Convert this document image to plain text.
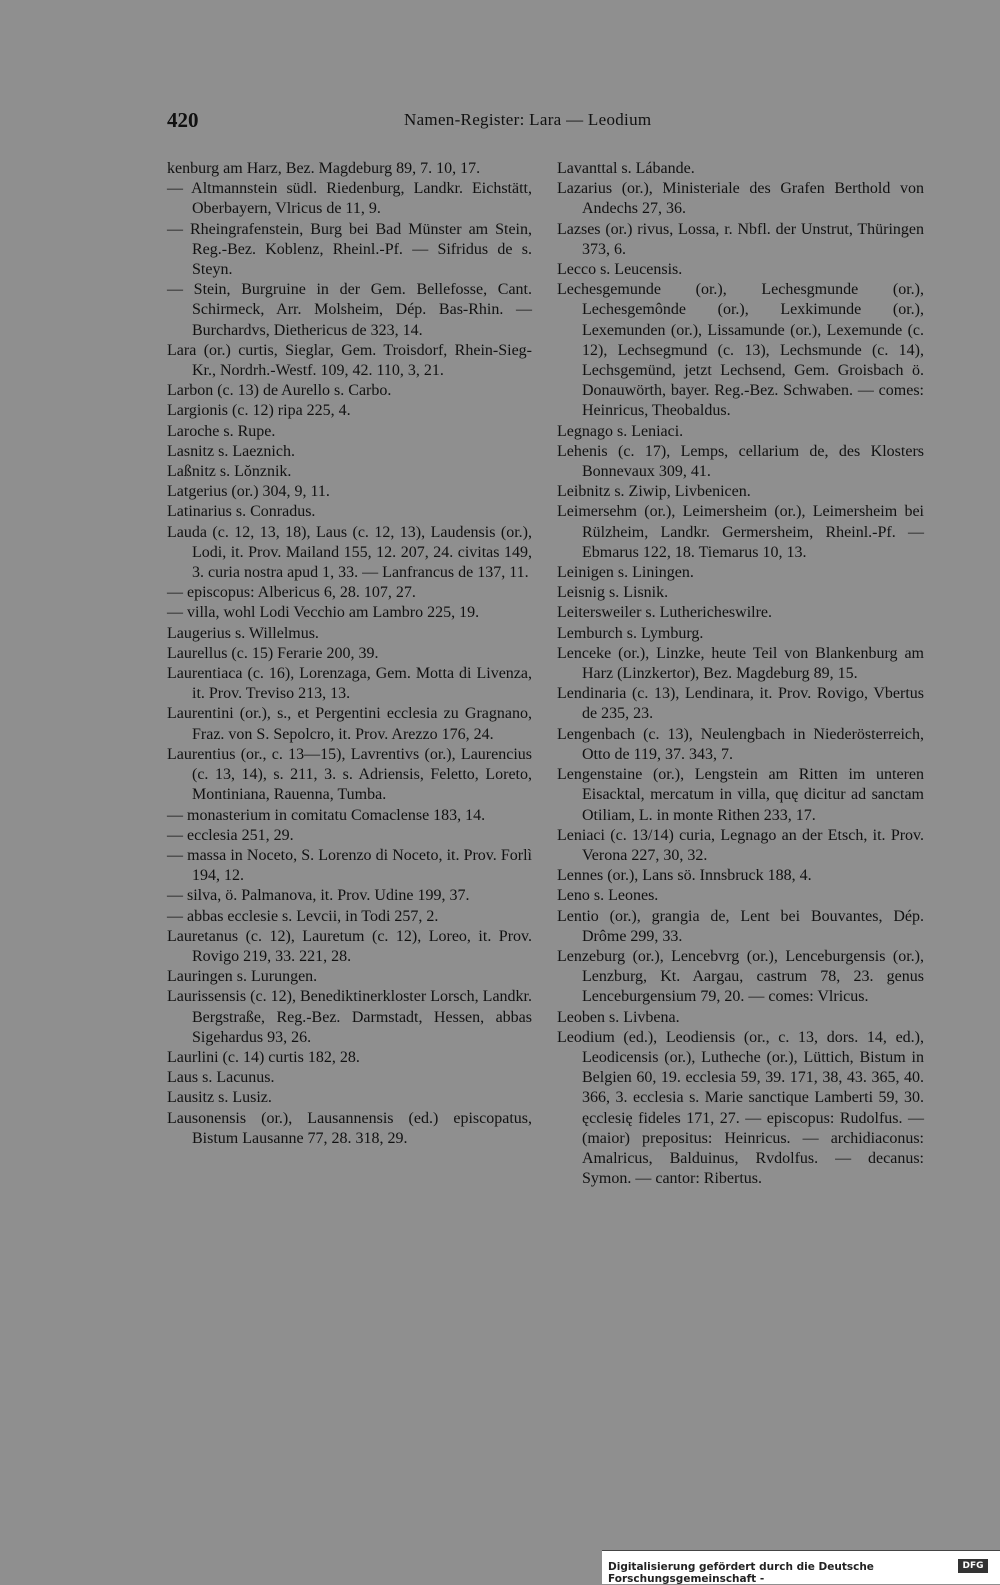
420	Namen-Register: Lara — Leodium

kenburg am Harz, Bez. Magdeburg 89, 7. 10, 17.

— Altmannstein südl. Riedenburg, Landkr. Eichstätt, Oberbayern, Vlricus de 11, 9.

— Rheingrafenstein, Burg bei Bad Münster am Stein, Reg.-Bez. Koblenz, Rheinl.-Pf. — Sifridus de s. Steyn.

— Stein, Burgruine in der Gem. Bellefosse, Cant. Schirmeck, Arr. Molsheim, Dép. Bas-Rhin. — Burchardvs, Diethericus de 323, 14.

Lara (or.) curtis, Sieglar, Gem. Troisdorf, Rhein-Sieg-Kr., Nordrh.-Westf. 109, 42. 110, 3, 21.

Larbon (c. 13) de Aurello s. Carbo.

Largionis (c. 12) ripa 225, 4.

Laroche s. Rupe.

Lasnitz s. Laeznich.

Laßnitz s. Lŏnznik.

Latgerius (or.) 304, 9, 11.

Latinarius s. Conradus.

Lauda (c. 12, 13, 18), Laus (c. 12, 13), Laudensis (or.), Lodi, it. Prov. Mailand 155, 12. 207, 24. civitas 149, 3. curia nostra apud 1, 33. — Lanfrancus de 137, 11.

— episcopus: Albericus 6, 28. 107, 27.

— villa, wohl Lodi Vecchio am Lambro 225, 19.

Laugerius s. Willelmus.

Laurellus (c. 15) Ferarie 200, 39.

Laurentiaca (c. 16), Lorenzaga, Gem. Motta di Livenza, it. Prov. Treviso 213, 13.

Laurentini (or.), s., et Pergentini ecclesia zu Gragnano, Fraz. von S. Sepolcro, it. Prov. Arezzo 176, 24.

Laurentius (or., c. 13—15), Lavrentivs (or.), Laurencius (c. 13, 14), s. 211, 3. s. Adriensis, Feletto, Loreto, Montiniana, Rauenna, Tumba.

— monasterium in comitatu Comaclense 183, 14.

— ecclesia 251, 29.

— massa in Noceto, S. Lorenzo di Noceto, it. Prov. Forlì 194, 12.

— silva, ö. Palmanova, it. Prov. Udine 199, 37.

— abbas ecclesie s. Levcii, in Todi 257, 2.

Lauretanus (c. 12), Lauretum (c. 12), Loreo, it. Prov. Rovigo 219, 33. 221, 28.

Lauringen s. Lurungen.

Laurissensis (c. 12), Benediktinerkloster Lorsch, Landkr. Bergstraße, Reg.-Bez. Darmstadt, Hessen, abbas Sigehardus 93, 26.

Laurlini (c. 14) curtis 182, 28.

Laus s. Lacunus.

Lausitz s. Lusiz.

Lausonensis (or.), Lausannensis (ed.) episcopatus, Bistum Lausanne 77, 28. 318, 29.

Lavanttal s. Lábande.

Lazarius (or.), Ministeriale des Grafen Berthold von Andechs 27, 36.

Lazses (or.) rivus, Lossa, r. Nbfl. der Unstrut, Thüringen 373, 6.

Lecco s. Leucensis.

Lechesgemunde (or.), Lechesgmunde (or.), Lechesgemônde (or.), Lexkimunde (or.), Lexemunden (or.), Lissamunde (or.), Lexemunde (c. 12), Lechsegmund (c. 13), Lechsmunde (c. 14), Lechsgemünd, jetzt Lechsend, Gem. Groisbach ö. Donauwörth, bayer. Reg.-Bez. Schwaben. — comes: Heinricus, Theobaldus.

Legnago s. Leniaci.

Lehenis (c. 17), Lemps, cellarium de, des Klosters Bonnevaux 309, 41.

Leibnitz s. Ziwip, Livbenicen.

Leimersehm (or.), Leimersheim (or.), Leimersheim bei Rülzheim, Landkr. Germersheim, Rheinl.-Pf. — Ebmarus 122, 18. Tiemarus 10, 13.

Leinigen s. Liningen.

Leisnig s. Lisnik.

Leitersweiler s. Luthericheswilre.

Lemburch s. Lymburg.

Lenceke (or.), Linzke, heute Teil von Blankenburg am Harz (Linzkertor), Bez. Magdeburg 89, 15.

Lendinaria (c. 13), Lendinara, it. Prov. Rovigo, Vbertus de 235, 23.

Lengenbach (c. 13), Neulengbach in Niederösterreich, Otto de 119, 37. 343, 7.

Lengenstaine (or.), Lengstein am Ritten im unteren Eisacktal, mercatum in villa, quę dicitur ad sanctam Otiliam, L. in monte Rithen 233, 17.

Leniaci (c. 13/14) curia, Legnago an der Etsch, it. Prov. Verona 227, 30, 32.

Lennes (or.), Lans sö. Innsbruck 188, 4.

Leno s. Leones.

Lentio (or.), grangia de, Lent bei Bouvantes, Dép. Drôme 299, 33.

Lenzeburg (or.), Lencebvrg (or.), Lenceburgensis (or.), Lenzburg, Kt. Aargau, castrum 78, 23. genus Lenceburgensium 79, 20. — comes: Vlricus.

Leoben s. Livbena.

Leodium (ed.), Leodiensis (or., c. 13, dors. 14, ed.), Leodicensis (or.), Lutheche (or.), Lüttich, Bistum in Belgien 60, 19. ecclesia 59, 39. 171, 38, 43. 365, 40. 366, 3. ecclesia s. Marie sanctique Lamberti 59, 30. ęcclesię fideles 171, 27. — episcopus: Rudolfus. — (maior) prepositus: Heinricus. — archidiaconus: Amalricus, Balduinus, Rvdolfus. — decanus: Symon. — cantor: Ribertus.

Digitalisierung gefördert durch die Deutsche Forschungsgemeinschaft -
DFG
